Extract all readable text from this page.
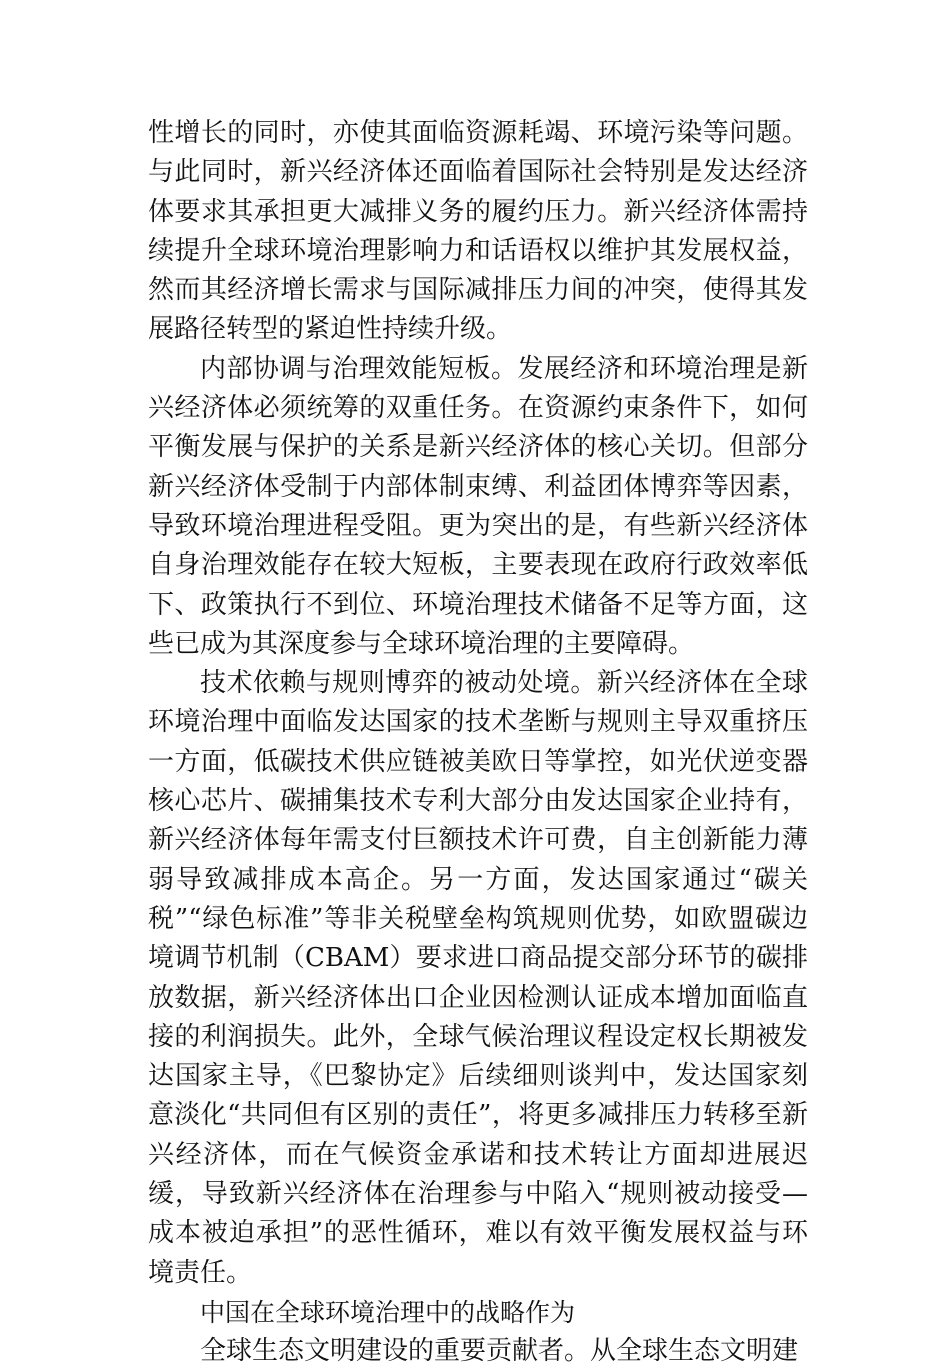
性增长的同时，亦使其面临资源耗竭、环境污染等问题。与此同时，新兴经济体还面临着国际社会特别是发达经济体要求其承担更大减排义务的履约压力。新兴经济体需持续提升全球环境治理影响力和话语权以维护其发展权益，然而其经济增长需求与国际减排压力间的冲突，使得其发展路径转型的紧迫性持续升级。

内部协调与治理效能短板。发展经济和环境治理是新兴经济体必须统筹的双重任务。在资源约束条件下，如何平衡发展与保护的关系是新兴经济体的核心关切。但部分新兴经济体受制于内部体制束缚、利益团体博弈等因素，导致环境治理进程受阻。更为突出的是，有些新兴经济体自身治理效能存在较大短板，主要表现在政府行政效率低下、政策执行不到位、环境治理技术储备不足等方面，这些已成为其深度参与全球环境治理的主要障碍。

技术依赖与规则博弈的被动处境。新兴经济体在全球环境治理中面临发达国家的技术垄断与规则主导双重挤压一方面，低碳技术供应链被美欧日等掌控，如光伏逆变器核心芯片、碳捕集技术专利大部分由发达国家企业持有，新兴经济体每年需支付巨额技术许可费，自主创新能力薄弱导致减排成本高企。另一方面，发达国家通过“碳关税”“绿色标准”等非关税壁垒构筑规则优势，如欧盟碳边境调节机制（CBAM）要求进口商品提交部分环节的碳排放数据，新兴经济体出口企业因检测认证成本增加面临直接的利润损失。此外，全球气候治理议程设定权长期被发达国家主导，《巴黎协定》后续细则谈判中，发达国家刻意淡化“共同但有区别的责任”，将更多减排压力转移至新兴经济体，而在气候资金承诺和技术转让方面却进展迟缓，导致新兴经济体在治理参与中陷入“规则被动接受—成本被迫承担”的恶性循环，难以有效平衡发展权益与环境责任。

中国在全球环境治理中的战略作为

全球生态文明建设的重要贡献者。从全球生态文明建
